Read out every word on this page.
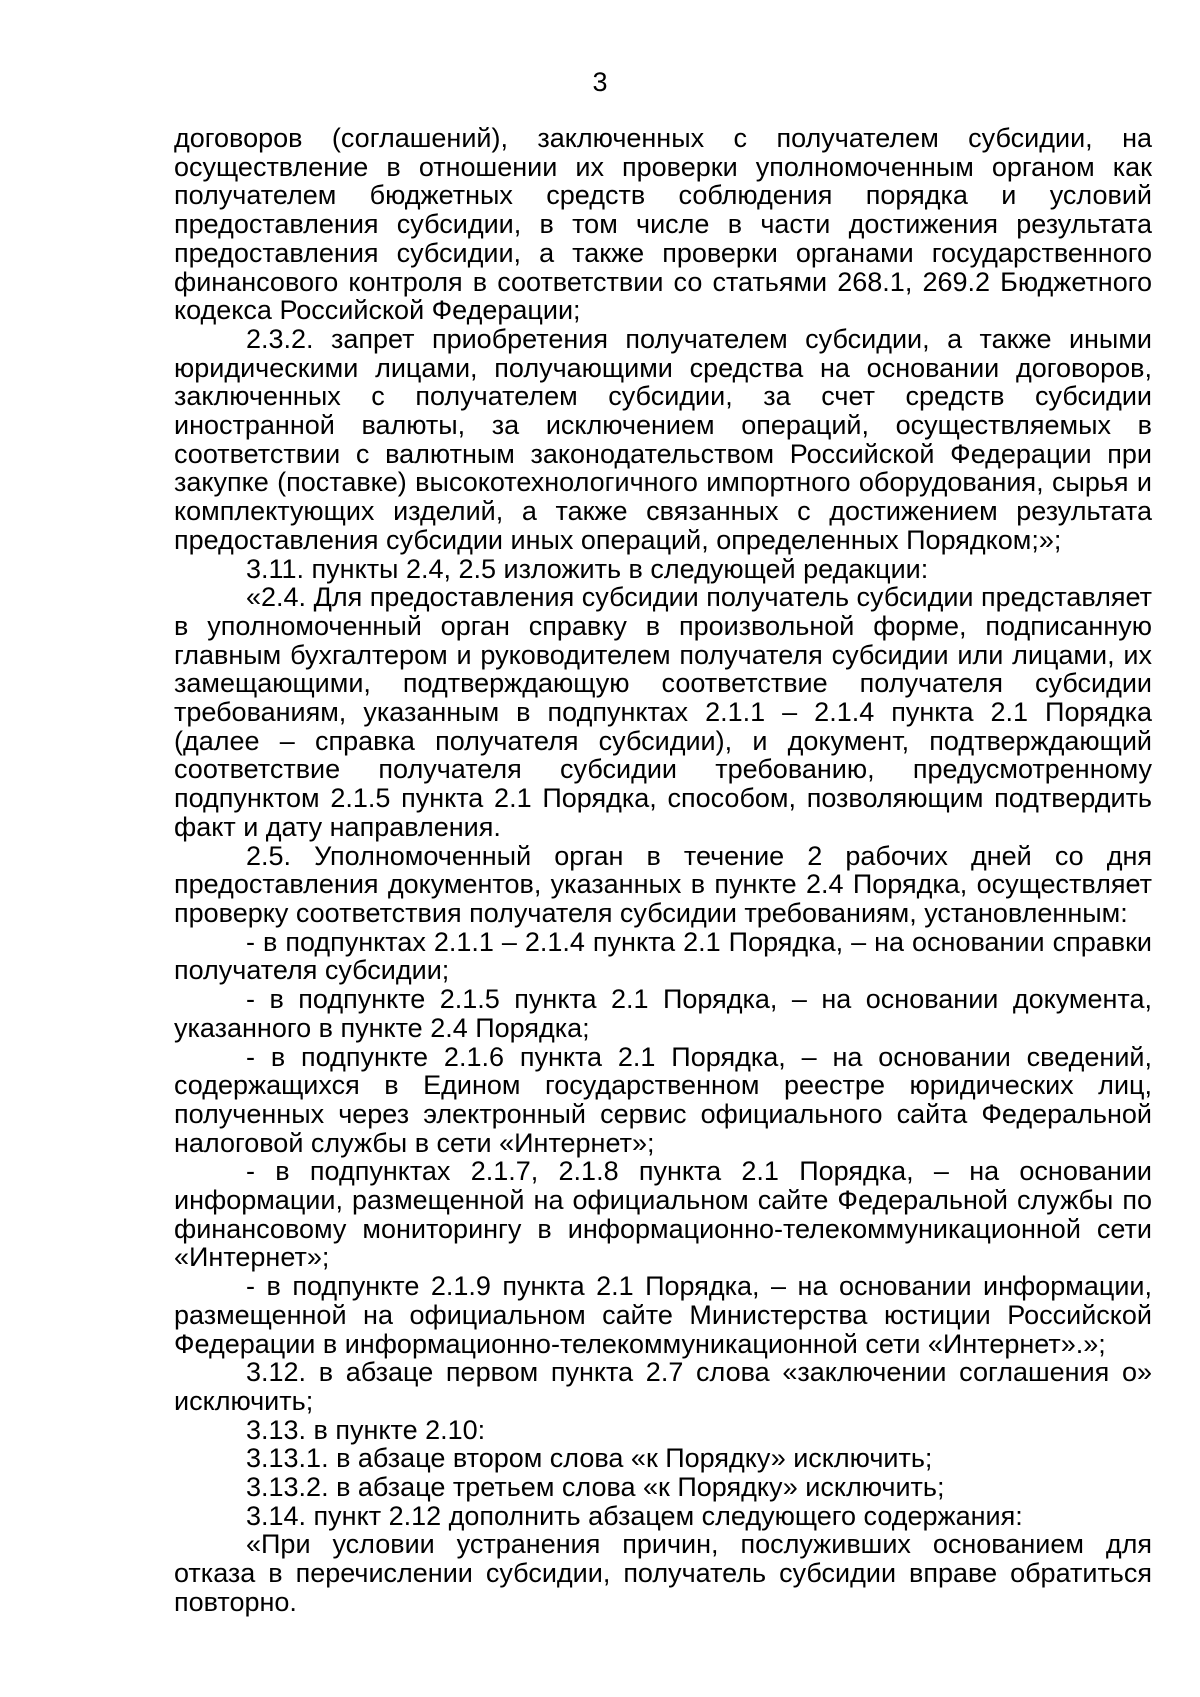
3

договоров (соглашений), заключенных с получателем субсидии, на осуществление в отношении их проверки уполномоченным органом как получателем бюджетных средств соблюдения порядка и условий предоставления субсидии, в том числе в части достижения результата предоставления субсидии, а также проверки органами государственного финансового контроля в соответствии со статьями 268.1, 269.2 Бюджетного кодекса Российской Федерации;

2.3.2. запрет приобретения получателем субсидии, а также иными юридическими лицами, получающими средства на основании договоров, заключенных с получателем субсидии, за счет средств субсидии иностранной валюты, за исключением операций, осуществляемых в соответствии с валютным законодательством Российской Федерации при закупке (поставке) высокотехнологичного импортного оборудования, сырья и комплектующих изделий, а также связанных с достижением результата предоставления субсидии иных операций, определенных Порядком;»;

3.11. пункты 2.4, 2.5 изложить в следующей редакции:

«2.4. Для предоставления субсидии получатель субсидии представляет в уполномоченный орган справку в произвольной форме, подписанную главным бухгалтером и руководителем получателя субсидии или лицами, их замещающими, подтверждающую соответствие получателя субсидии требованиям, указанным в подпунктах 2.1.1 – 2.1.4 пункта 2.1 Порядка (далее – справка получателя субсидии), и документ, подтверждающий соответствие получателя субсидии требованию, предусмотренному подпунктом 2.1.5 пункта 2.1 Порядка, способом, позволяющим подтвердить факт и дату направления.

2.5. Уполномоченный орган в течение 2 рабочих дней со дня предоставления документов, указанных в пункте 2.4 Порядка, осуществляет проверку соответствия получателя субсидии требованиям, установленным:

- в подпунктах 2.1.1 – 2.1.4 пункта 2.1 Порядка, – на основании справки получателя субсидии;

- в подпункте 2.1.5 пункта 2.1 Порядка, – на основании документа, указанного в пункте 2.4 Порядка;

- в подпункте 2.1.6 пункта 2.1 Порядка, – на основании сведений, содержащихся в Едином государственном реестре юридических лиц, полученных через электронный сервис официального сайта Федеральной налоговой службы в сети «Интернет»;

- в подпунктах 2.1.7, 2.1.8 пункта 2.1 Порядка, – на основании информации, размещенной на официальном сайте Федеральной службы по финансовому мониторингу в информационно-телекоммуникационной сети «Интернет»;

- в подпункте 2.1.9 пункта 2.1 Порядка, – на основании информации, размещенной на официальном сайте Министерства юстиции Российской Федерации в информационно-телекоммуникационной сети «Интернет».»;

3.12. в абзаце первом пункта 2.7 слова «заключении соглашения о» исключить;

3.13. в пункте 2.10:

3.13.1. в абзаце втором слова «к Порядку» исключить;

3.13.2. в абзаце третьем слова «к Порядку» исключить;

3.14. пункт 2.12 дополнить абзацем следующего содержания:

«При условии устранения причин, послуживших основанием для отказа в перечислении субсидии, получатель субсидии вправе обратиться повторно.
